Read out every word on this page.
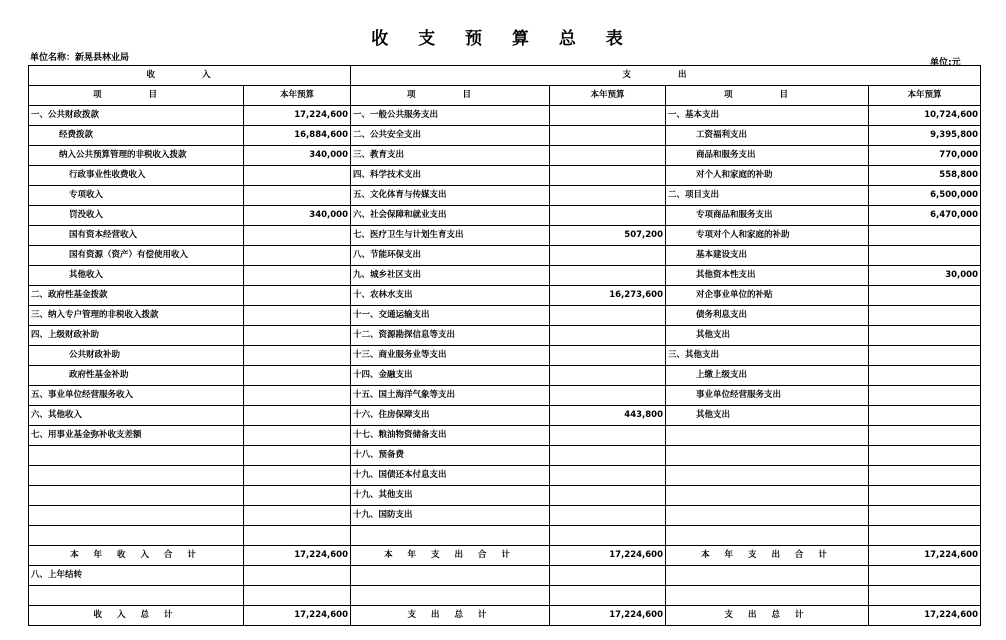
收 支 预 算 总 表
单位名称：新晃县林业局	单位:元
收 入		支 出			
项 目	本年预算	项 目	本年预算	项 目	本年预算
一、公共财政拨款	17,224,600	一、一般公共服务支出		一、基本支出	10,724,600
经费拨款	16,884,600	二、公共安全支出		工资福利支出	9,395,800
纳入公共预算管理的非税收入拨款	340,000	三、教育支出		商品和服务支出	770,000
行政事业性收费收入		四、科学技术支出		对个人和家庭的补助	558,800
专项收入		五、文化体育与传媒支出		二、项目支出	6,500,000
罚没收入	340,000	六、社会保障和就业支出		专项商品和服务支出	6,470,000
国有资本经营收入		七、医疗卫生与计划生育支出	507,200	专项对个人和家庭的补助	
国有资源（资产）有偿使用收入		八、节能环保支出		基本建设支出	
其他收入		九、城乡社区支出		其他资本性支出	30,000
二、政府性基金拨款		十、农林水支出	16,273,600	对企事业单位的补贴	
三、纳入专户管理的非税收入拨款		十一、交通运输支出		债务利息支出	
四、上级财政补助		十二、资源勘探信息等支出		其他支出	
公共财政补助		十三、商业服务业等支出		三、其他支出	
政府性基金补助		十四、金融支出		上缴上级支出	
五、事业单位经营服务收入		十五、国土海洋气象等支出		事业单位经营服务支出	
六、其他收入		十六、住房保障支出	443,800	其他支出	
七、用事业基金弥补收支差额		十七、粮油物资储备支出			
		十八、预备费			
		十九、国债还本付息支出			
		十九、其他支出			
		十九、国防支出			

本 年 收 入 合 计	17,224,600	本 年 支 出 合 计	17,224,600	本 年 支 出 合 计	17,224,600
八、上年结转					

收 入 总 计	17,224,600	支 出 总 计	17,224,600	支 出 总 计	17,224,600
